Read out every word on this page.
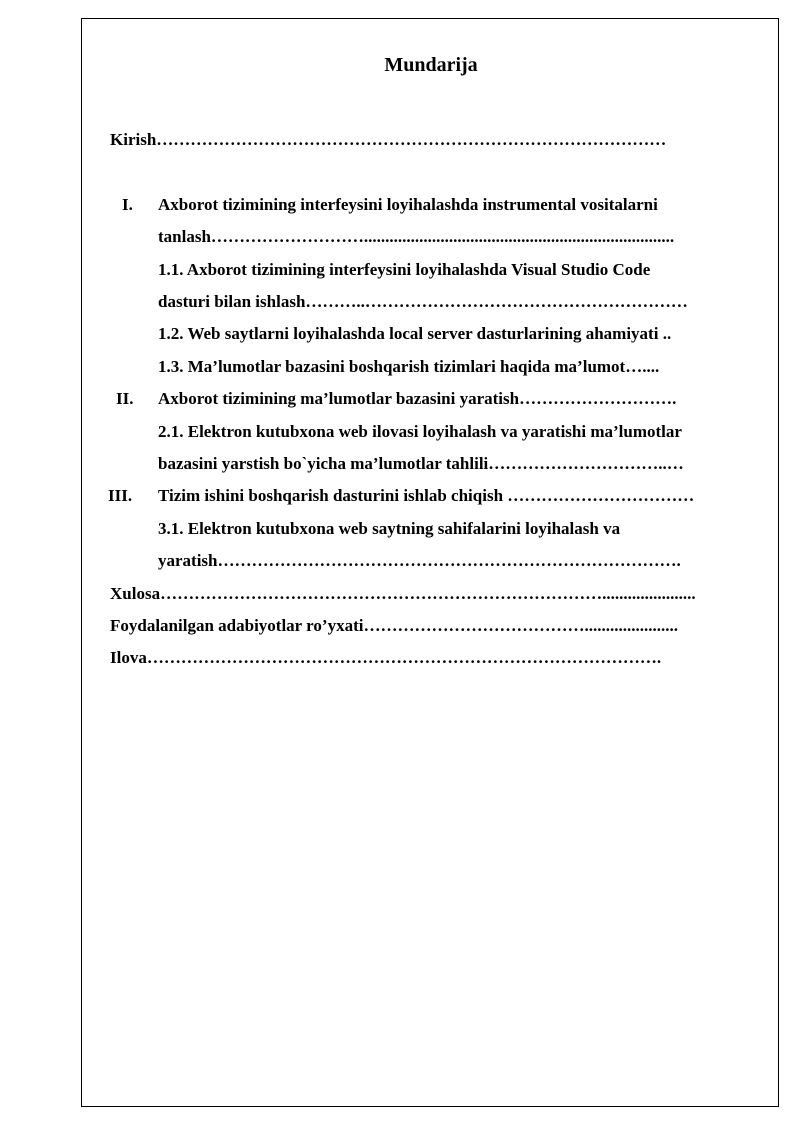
Mundarija

Kirish………………………………………………………………………………

I. Axborot tizimining interfeysini loyihalashda instrumental vositalarni

tanlash……………………….........................................................................

1.1. Axborot tizimining interfeysini loyihalashda Visual Studio Code

dasturi bilan ishlash………..…………………………………………………

1.2. Web saytlarni loyihalashda local server dasturlarining ahamiyati ..

1.3. Ma’lumotlar bazasini boshqarish tizimlari haqida ma’lumot…....

II. Axborot tizimining ma’lumotlar bazasini yaratish……………………….

2.1. Elektron kutubxona web ilovasi loyihalash va yaratishi ma’lumotlar

bazasini yarstish bo`yicha ma’lumotlar tahlili…………………………..…

III. Tizim ishini boshqarish dasturini ishlab chiqish ……………………………

3.1. Elektron kutubxona web saytning sahifalarini loyihalash va

yaratish……………………………………………………………………….

Xulosa……………………………………………………………………......................

Foydalanilgan adabiyotlar ro’yxati…………………………………......................

Ilova……………………………………………………………………………….
